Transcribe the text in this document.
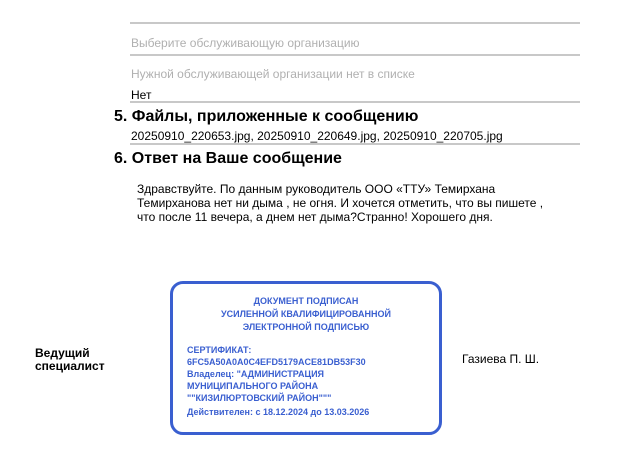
Выберите обслуживающую организацию
Нужной обслуживающей организации нет в списке
Нет
5. Файлы, приложенные к сообщению
20250910_220653.jpg, 20250910_220649.jpg, 20250910_220705.jpg
6. Ответ на Ваше сообщение
Здравствуйте. По данным руководитель ООО «ТТУ» Темирхана Темирханова нет ни дыма , не огня. И хочется отметить, что вы пишете , что после 11 вечера, а днем нет дыма?Странно! Хорошего дня.
Ведущий
специалист
ДОКУМЕНТ ПОДПИСАН
УСИЛЕННОЙ КВАЛИФИЦИРОВАННОЙ
ЭЛЕКТРОННОЙ ПОДПИСЬЮ
СЕРТИФИКАТ:
6FC5A50A0A0C4EFD5179ACE81DB53F30
Владелец: "АДМИНИСТРАЦИЯ
МУНИЦИПАЛЬНОГО РАЙОНА
""КИЗИЛЮРТОВСКИЙ РАЙОН"""
Действителен: с 18.12.2024 до 13.03.2026
Газиева П. Ш.
